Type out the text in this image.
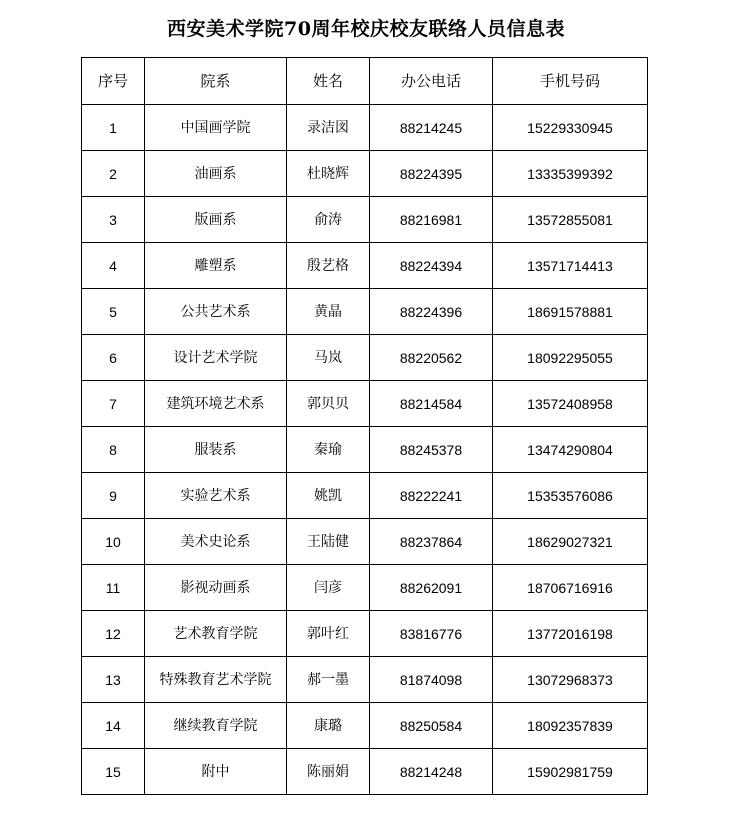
西安美术学院70周年校庆校友联络人员信息表
序号	院系	姓名	办公电话	手机号码
1	中国画学院	录洁図	88214245	15229330945
2	油画系	杜晓辉	88224395	13335399392
3	版画系	俞涛	88216981	13572855081
4	雕塑系	殷艺格	88224394	13571714413
5	公共艺术系	黄晶	88224396	18691578881
6	设计艺术学院	马岚	88220562	18092295055
7	建筑环境艺术系	郭贝贝	88214584	13572408958
8	服装系	秦瑜	88245378	13474290804
9	实验艺术系	姚凯	88222241	15353576086
10	美术史论系	王陆健	88237864	18629027321
11	影视动画系	闫彦	88262091	18706716916
12	艺术教育学院	郭叶红	83816776	13772016198
13	特殊教育艺术学院	郝一墨	81874098	13072968373
14	继续教育学院	康璐	88250584	18092357839
15	附中	陈丽娟	88214248	15902981759
